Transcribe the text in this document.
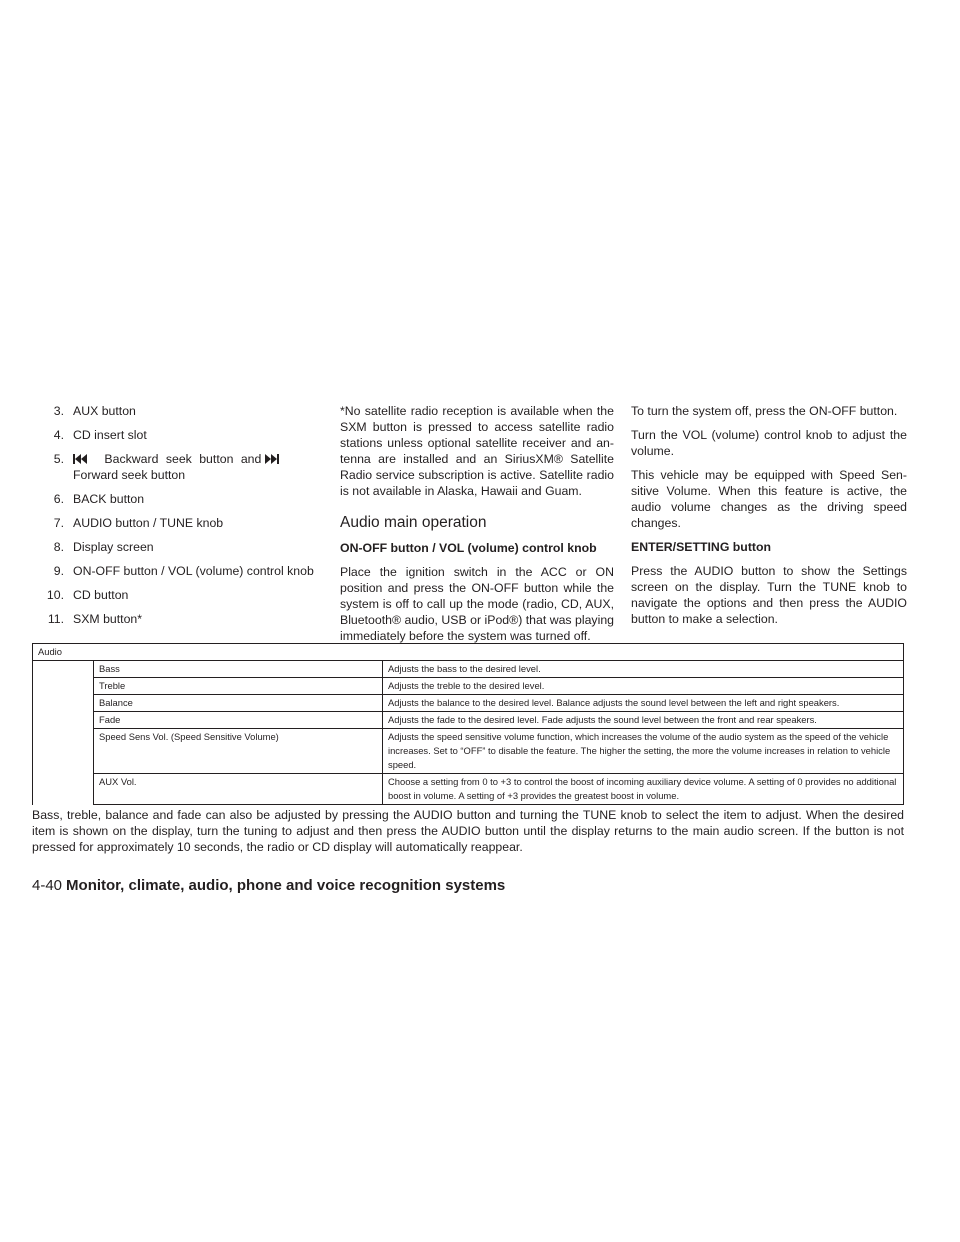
3. AUX button
4. CD insert slot
5.	Backward seek button and
Forward seek button
6. BACK button
7. AUDIO button / TUNE knob
8. Display screen
9. ON-OFF button / VOL (volume) control knob
10. CD button
11. SXM button*

*No satellite radio reception is available when the SXM button is pressed to access satellite radio stations unless optional satellite receiver and antenna are installed and an SiriusXM® Satellite Radio service subscription is active. Satellite radio is not available in Alaska, Hawaii and Guam.

Audio main operation

ON-OFF button / VOL (volume) control knob

Place the ignition switch in the ACC or ON position and press the ON-OFF button while the system is off to call up the mode (radio, CD, AUX, Bluetooth® audio, USB or iPod®) that was playing immediately before the system was turned off.

To turn the system off, press the ON-OFF button.

Turn the VOL (volume) control knob to adjust the volume.

This vehicle may be equipped with Speed Sensitive Volume. When this feature is active, the audio volume changes as the driving speed changes.

ENTER/SETTING button

Press the AUDIO button to show the Settings screen on the display. Turn the TUNE knob to navigate the options and then press the AUDIO button to make a selection.

Audio		
	Bass	Adjusts the bass to the desired level.
	Treble	Adjusts the treble to the desired level.
	Balance	Adjusts the balance to the desired level. Balance adjusts the sound level between the left and right speakers.
	Fade	Adjusts the fade to the desired level. Fade adjusts the sound level between the front and rear speakers.
	Speed Sens Vol. (Speed Sensitive Volume)	Adjusts the speed sensitive volume function, which increases the volume of the audio system as the speed of the vehicle increases. Set to “OFF” to disable the feature. The higher the setting, the more the volume increases in relation to vehicle speed.
	AUX Vol.	Choose a setting from 0 to +3 to control the boost of incoming auxiliary device volume. A setting of 0 provides no additional boost in volume. A setting of +3 provides the greatest boost in volume.

Bass, treble, balance and fade can also be adjusted by pressing the AUDIO button and turning the TUNE knob to select the item to adjust. When the desired item is shown on the display, turn the tuning to adjust and then press the AUDIO button until the display returns to the main audio screen. If the button is not pressed for approximately 10 seconds, the radio or CD display will automatically reappear.

4-40 Monitor, climate, audio, phone and voice recognition systems
